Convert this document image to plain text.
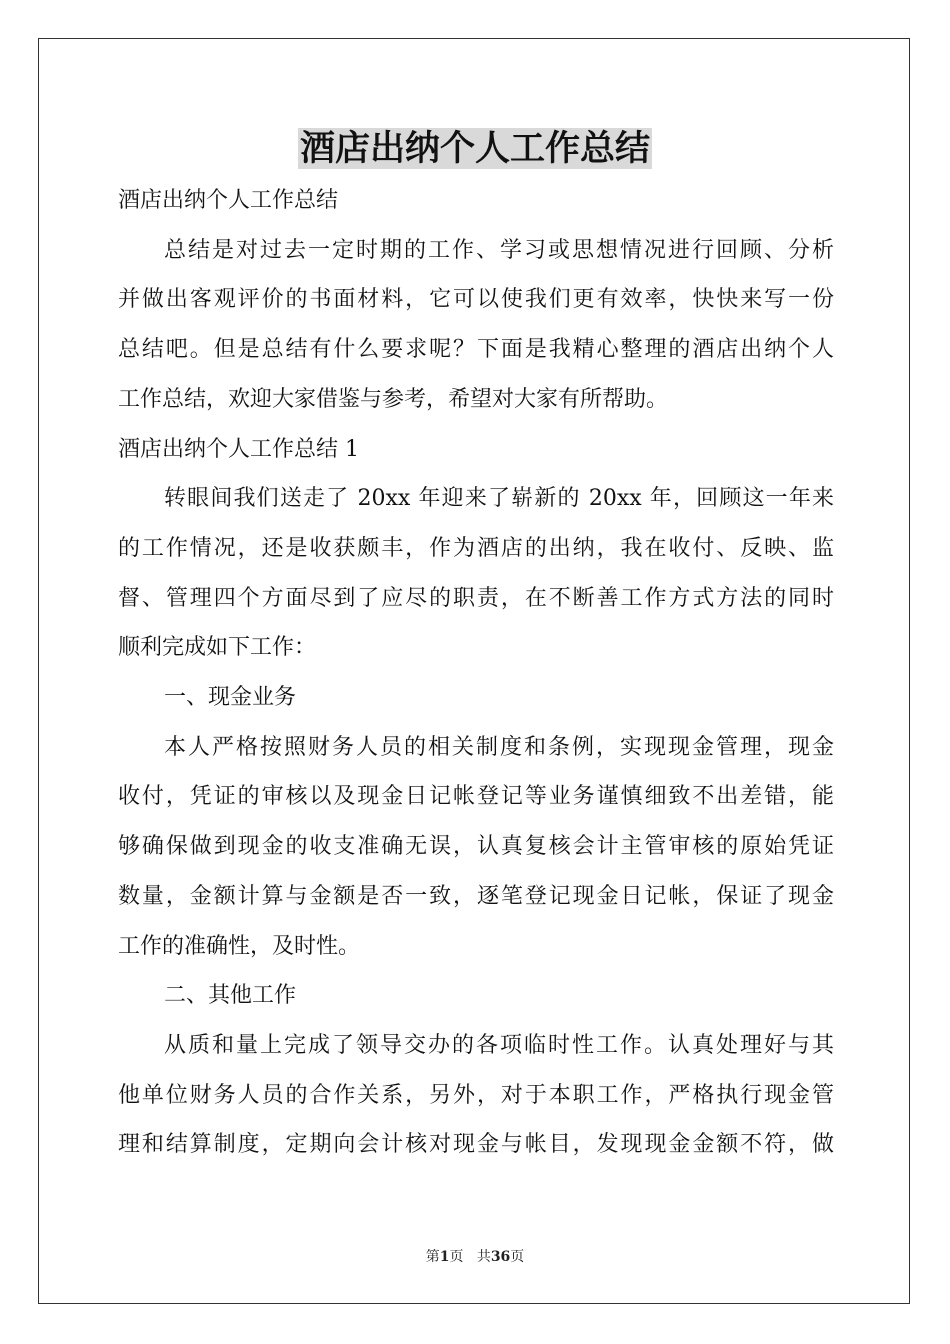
酒店出纳个人工作总结

酒店出纳个人工作总结

总结是对过去一定时期的工作、学习或思想情况进行回顾、分析

并做出客观评价的书面材料，它可以使我们更有效率，快快来写一份

总结吧。但是总结有什么要求呢？下面是我精心整理的酒店出纳个人

工作总结，欢迎大家借鉴与参考，希望对大家有所帮助。

酒店出纳个人工作总结 1

转眼间我们送走了 20xx 年迎来了崭新的 20xx 年，回顾这一年来

的工作情况，还是收获颇丰，作为酒店的出纳，我在收付、反映、监

督、管理四个方面尽到了应尽的职责，在不断善工作方式方法的同时

顺利完成如下工作：

一、现金业务

本人严格按照财务人员的相关制度和条例，实现现金管理，现金

收付，凭证的审核以及现金日记帐登记等业务谨慎细致不出差错，能

够确保做到现金的收支准确无误，认真复核会计主管审核的原始凭证

数量，金额计算与金额是否一致，逐笔登记现金日记帐，保证了现金

工作的准确性，及时性。

二、其他工作

从质和量上完成了领导交办的各项临时性工作。认真处理好与其

他单位财务人员的合作关系，另外，对于本职工作，严格执行现金管

理和结算制度，定期向会计核对现金与帐目，发现现金金额不符，做

第1页 共36页
